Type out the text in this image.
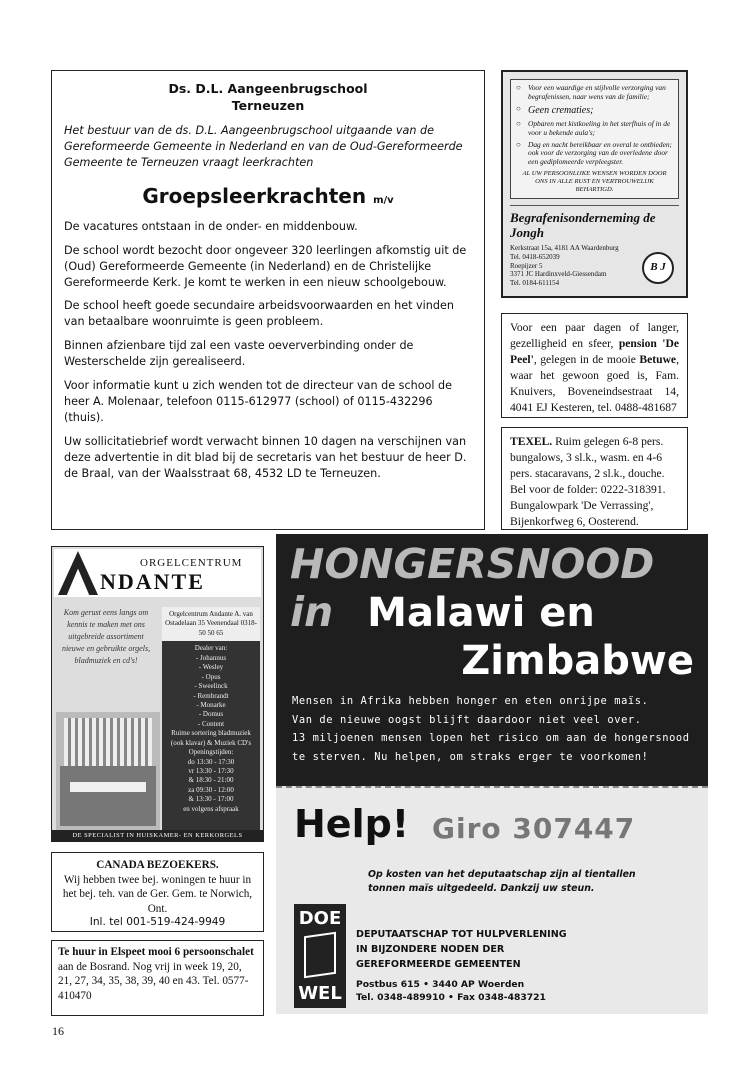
Ds. D.L. Aangeenbrugschool
Terneuzen
Het bestuur van de ds. D.L. Aangeenbrugschool uitgaande van de Gereformeerde Gemeente in Nederland en van de Oud-Gereformeerde Gemeente te Terneuzen vraagt leerkrachten
Groepsleerkrachten m/v

De vacatures ontstaan in de onder- en middenbouw.

De school wordt bezocht door ongeveer 320 leerlingen afkomstig uit de (Oud) Gereformeerde Gemeente (in Nederland) en de Christelijke Gereformeerde Kerk. Je komt te werken in een nieuw schoolgebouw.

De school heeft goede secundaire arbeidsvoorwaarden en het vinden van betaalbare woonruimte is geen probleem.

Binnen afzienbare tijd zal een vaste oeververbinding onder de Westerschelde zijn gerealiseerd.

Voor informatie kunt u zich wenden tot de directeur van de school de heer A. Molenaar, telefoon 0115-612977 (school) of 0115-432296 (thuis).

Uw sollicitatiebrief wordt verwacht binnen 10 dagen na verschijnen van deze advertentie in dit blad bij de secretaris van het bestuur de heer D. de Braal, van der Waalsstraat 68, 4532 LD te Terneuzen.

○ Voor een waardige en stijlvolle verzorging van begrafenissen, naar wens van de familie;
○ Geen crematies;
○ Opbaren met kistkoeling in het sterfhuis of in de voor u bekende aula's;
○ Dag en nacht bereikbaar en overal te ontbieden; ook voor de verzorging van de overledene door een gediplomeerde verpleegster.
AL UW PERSOONLIJKE WENSEN WORDEN DOOR ONS IN ALLE RUST EN VERTROUWELIJK BEHARTIGD.
Begrafenisonderneming de Jongh
Kerkstraat 15a, 4181 AA Waardenburg
Tel. 0418-652039
Roepijzer 5
3371 JC Hardinxveld-Giessendam
Tel. 0184-611154
B J
Voor een paar dagen of langer, gezelligheid en sfeer, pension 'De Peel', gelegen in de mooie Betuwe, waar het gewoon goed is, Fam. Knuivers, Boveneindsestraat 14, 4041 EJ Kesteren, tel. 0488-481687
TEXEL. Ruim gelegen 6-8 pers. bungalows, 3 sl.k., wasm. en 4-6 pers. stacaravans, 2 sl.k., douche. Bel voor de folder: 0222-318391.
Bungalowpark 'De Verrassing',
Bijenkorfweg 6, Oosterend.
ORGELCENTRUM
NDANTE
Kom gerust eens langs om kennis te maken met ons uitgebreide assortiment nieuwe en gebruikte orgels, bladmuziek en cd's!
Orgelcentrum Andante A. van Ostadelaan 35 Veenendaal 0318-50 50 65
Dealer van:
- Johannus
- Wesley
- Opus
- Sweelinck
- Rembrandt
- Monarke
- Domus
- Content
Ruime sortering bladmuziek (ook klavar) & Muziek CD's
Openingstijden:
do 13:30 - 17:30
vr 13:30 - 17:30
& 18:30 - 21:00
za 09:30 - 12:00
& 13:30 - 17:00
en volgens afspraak
DE SPECIALIST IN HUISKAMER- EN KERKORGELS
CANADA BEZOEKERS.
Wij hebben twee bej. woningen te huur in het bej. teh. van de Ger. Gem. te Norwich, Ont.
Inl. tel 001-519-424-9949
Te huur in Elspeet mooi 6 persoonschalet aan de Bosrand. Nog vrij in week 19, 20, 21, 27, 34, 35, 38, 39, 40 en 43. Tel. 0577-410470
HONGERSNOOD in Malawi en
Zimbabwe
Mensen in Afrika hebben honger en eten onrijpe maïs.
Van de nieuwe oogst blijft daardoor niet veel over.
13 miljoenen mensen lopen het risico om aan de hongersnood
te sterven. Nu helpen, om straks erger te voorkomen!
Help! Giro 307447
Op kosten van het deputaatschap zijn al tientallen
tonnen maïs uitgedeeld. Dankzij uw steun.
DOE
WEL
DEPUTAATSCHAP TOT HULPVERLENING
IN BIJZONDERE NODEN DER
GEREFORMEERDE GEMEENTEN
Postbus 615 • 3440 AP Woerden
Tel. 0348-489910 • Fax 0348-483721
16
